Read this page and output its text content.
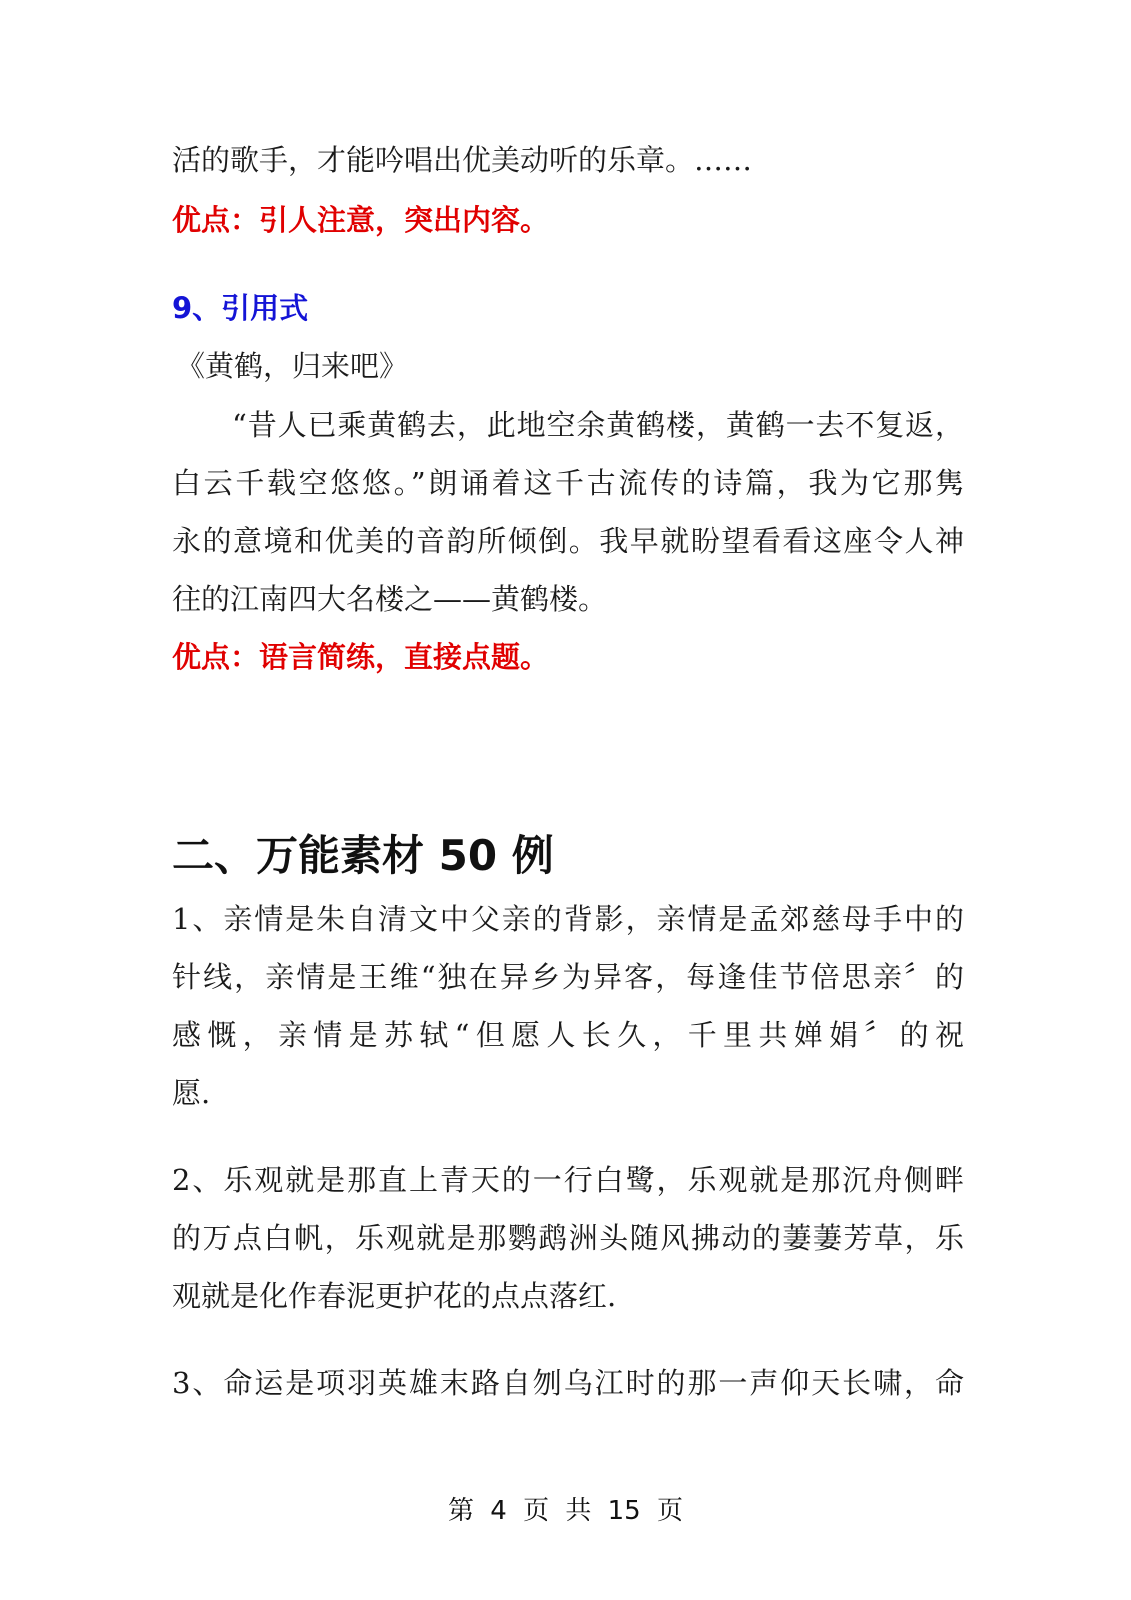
活的歌手，才能吟唱出优美动听的乐章。……
优点：引人注意，突出内容。
9、引用式
《黄鹤，归来吧》
“昔人已乘黄鹤去，此地空余黄鹤楼，黄鹤一去不复返，
白云千载空悠悠。”朗诵着这千古流传的诗篇，我为它那隽
永的意境和优美的音韵所倾倒。我早就盼望看看这座令人神
往的江南四大名楼之——黄鹤楼。
优点：语言简练，直接点题。
二、万能素材 50 例
1、亲情是朱自清文中父亲的背影，亲情是孟郊慈母手中的
针线，亲情是王维“独在异乡为异客，每逢佳节倍思亲〞的
感慨，亲情是苏轼“但愿人长久，千里共婵娟〞的祝
愿.
2、乐观就是那直上青天的一行白鹭，乐观就是那沉舟侧畔
的万点白帆，乐观就是那鹦鹉洲头随风拂动的萋萋芳草，乐
观就是化作春泥更护花的点点落红.
3、命运是项羽英雄末路自刎乌江时的那一声仰天长啸，命
第 4 页 共 15 页
